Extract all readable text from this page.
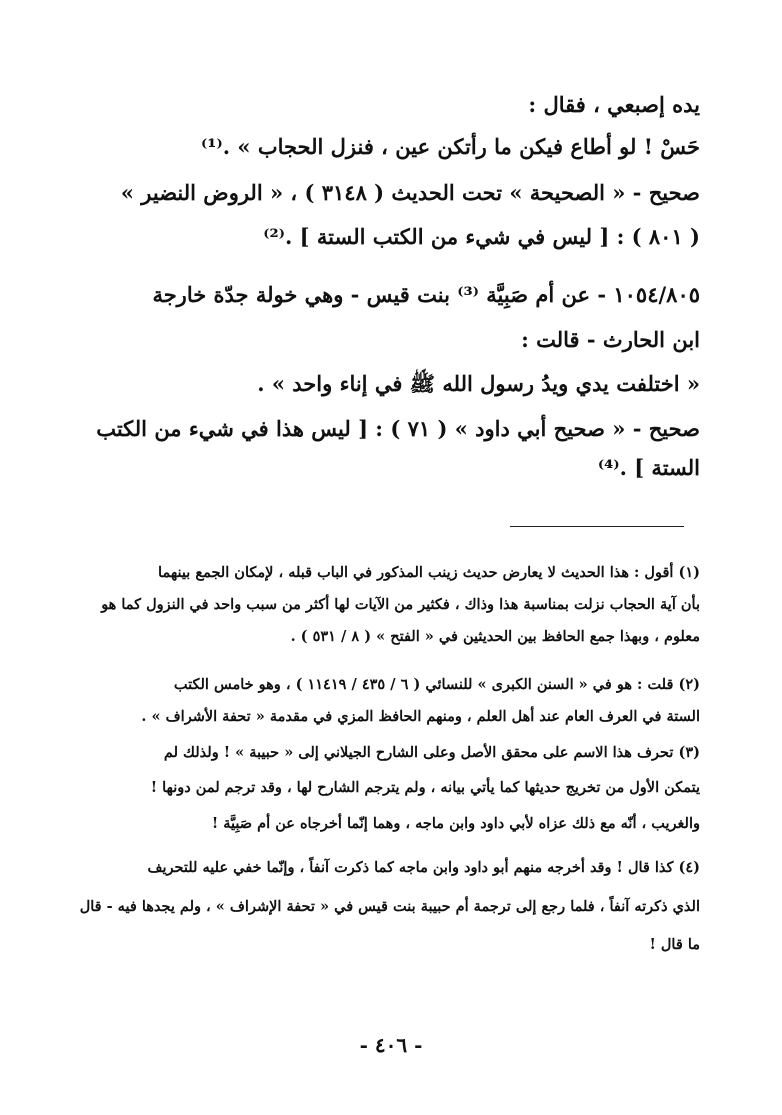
يده إصبعي ، فقال :
حَسْ ! لو أطاع فيكن ما رأتكن عين ، فنزل الحجاب » .⁽¹⁾
صحيح - « الصحيحة » تحت الحديث ( ٣١٤٨ ) ، « الروض النضير »
( ٨٠١ ) : [ ليس في شيء من الكتب الستة ] .⁽²⁾
١٠٥٤/٨٠٥ - عن أم صَبِيَّة ⁽³⁾ بنت قيس - وهي خولة جدّة خارجة
ابن الحارث - قالت :
« اختلفت يدي ويدُ رسول الله ﷺ في إناء واحد » .
صحيح - « صحيح أبي داود » ( ٧١ ) : [ ليس هذا في شيء من الكتب
الستة ] .⁽⁴⁾
(١) أقول : هذا الحديث لا يعارض حديث زينب المذكور في الباب قبله ، لإمكان الجمع بينهما
بأن آية الحجاب نزلت بمناسبة هذا وذاك ، فكثير من الآيات لها أكثر من سبب واحد في النزول كما هو
معلوم ، وبهذا جمع الحافظ بين الحديثين في « الفتح » ( ٨ / ٥٣١ ) .
(٢) قلت : هو في « السنن الكبرى » للنسائي ( ٦ / ٤٣٥ / ١١٤١٩ ) ، وهو خامس الكتب
الستة في العرف العام عند أهل العلم ، ومنهم الحافظ المزي في مقدمة « تحفة الأشراف » .
(٣) تحرف هذا الاسم على محقق الأصل وعلى الشارح الجيلاني إلى « حبيبة » ! ولذلك لم
يتمكن الأول من تخريج حديثها كما يأتي بيانه ، ولم يترجم الشارح لها ، وقد ترجم لمن دونها !
والغريب ، أنّه مع ذلك عزاه لأبي داود وابن ماجه ، وهما إنّما أخرجاه عن أم صَبِيَّة !
(٤) كذا قال ! وقد أخرجه منهم أبو داود وابن ماجه كما ذكرت آنفاً ، وإنّما خفي عليه للتحريف
الذي ذكرته آنفاً ، فلما رجع إلى ترجمة أم حبيبة بنت قيس في « تحفة الإشراف » ، ولم يجدها فيه - قال
ما قال !
- ٤٠٦ -
